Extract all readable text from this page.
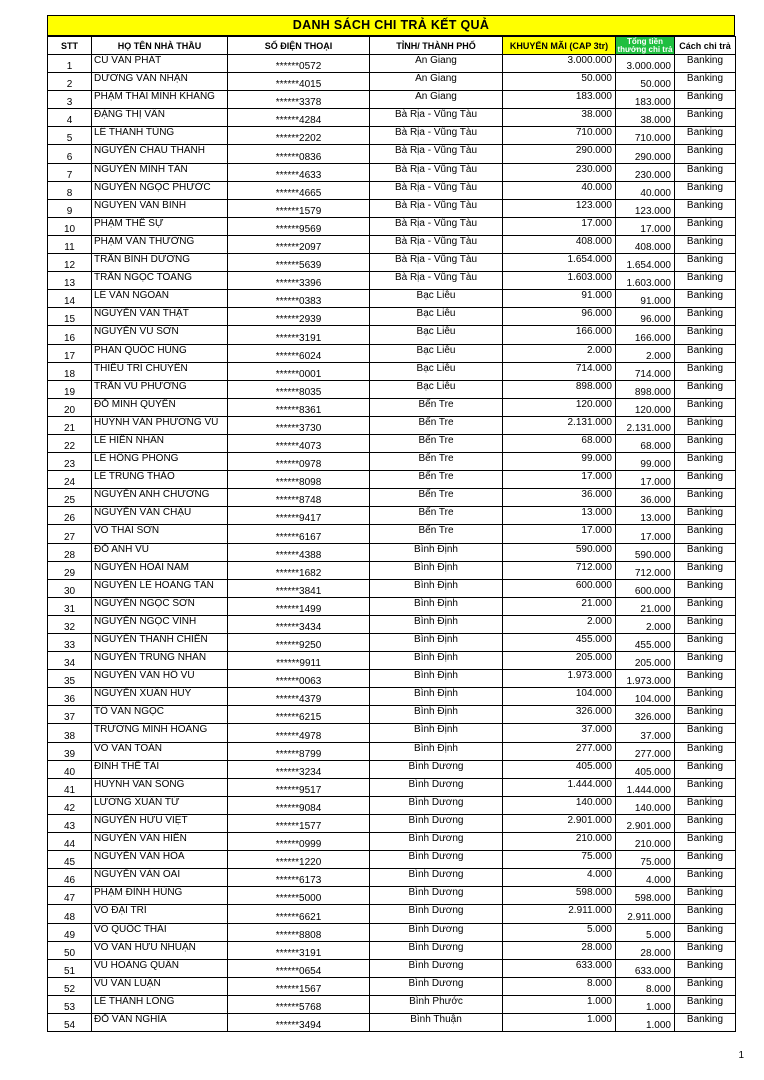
DANH SÁCH CHI TRẢ KẾT QUẢ
STT	HỌ TÊN NHÀ THẦU	SỐ ĐIỆN THOẠI	TỈNH/ THÀNH PHỐ	KHUYẾN MÃI (CAP 3tr)	Tổng tiền thưởng chi trả	Cách chi trả
1	CÙ VĂN PHÁT	******0572	An Giang	3.000.000	3.000.000	Banking
2	DƯƠNG VĂN NHẬN	******4015	An Giang	50.000	50.000	Banking
3	PHẠM THÁI MINH KHANG	******3378	An Giang	183.000	183.000	Banking
4	ĐẶNG THỊ VÂN	******4284	Bà Rịa - Vũng Tàu	38.000	38.000	Banking
5	LÊ THANH TÙNG	******2202	Bà Rịa - Vũng Tàu	710.000	710.000	Banking
6	NGUYỄN CHÂU THÀNH	******0836	Bà Rịa - Vũng Tàu	290.000	290.000	Banking
7	NGUYỄN MINH TÂN	******4633	Bà Rịa - Vũng Tàu	230.000	230.000	Banking
8	NGUYỄN NGỌC PHƯỚC	******4665	Bà Rịa - Vũng Tàu	40.000	40.000	Banking
9	NGUYEN VAN BINH	******1579	Bà Rịa - Vũng Tàu	123.000	123.000	Banking
10	PHẠM THẾ SỰ	******9569	Bà Rịa - Vũng Tàu	17.000	17.000	Banking
11	PHẠM VĂN THƯỜNG	******2097	Bà Rịa - Vũng Tàu	408.000	408.000	Banking
12	TRẦN BÌNH DƯƠNG	******5639	Bà Rịa - Vũng Tàu	1.654.000	1.654.000	Banking
13	TRẦN NGỌC TOÀNG	******3396	Bà Rịa - Vũng Tàu	1.603.000	1.603.000	Banking
14	LÊ VĂN NGOAN	******0383	Bạc Liêu	91.000	91.000	Banking
15	NGUYỄN VĂN THẬT	******2939	Bạc Liêu	96.000	96.000	Banking
16	NGUYỄN VŨ SƠN	******3191	Bạc Liêu	166.000	166.000	Banking
17	PHAN QUỐC HÙNG	******6024	Bạc Liêu	2.000	2.000	Banking
18	THIỀU TRÍ CHUYỂN	******0001	Bạc Liêu	714.000	714.000	Banking
19	TRẦN VŨ PHƯƠNG	******8035	Bạc Liêu	898.000	898.000	Banking
20	ĐỖ MINH QUYỀN	******8361	Bến Tre	120.000	120.000	Banking
21	HUỲNH VĂN PHƯƠNG VŨ	******3730	Bến Tre	2.131.000	2.131.000	Banking
22	LÊ HIỀN NHÂN	******4073	Bến Tre	68.000	68.000	Banking
23	LÊ HỒNG PHONG	******0978	Bến Tre	99.000	99.000	Banking
24	LÊ TRUNG THẢO	******8098	Bến Tre	17.000	17.000	Banking
25	NGUYỄN ANH CHƯƠNG	******8748	Bến Tre	36.000	36.000	Banking
26	NGUYỄN VĂN CHẬU	******9417	Bến Tre	13.000	13.000	Banking
27	VÕ THÁI SƠN	******6167	Bến Tre	17.000	17.000	Banking
28	ĐỖ ANH VŨ	******4388	Bình Định	590.000	590.000	Banking
29	NGUYỄN HOÀI NAM	******1682	Bình Định	712.000	712.000	Banking
30	NGUYỄN LÊ HOÀNG TÂN	******3841	Bình Định	600.000	600.000	Banking
31	NGUYỄN NGỌC SƠN	******1499	Bình Định	21.000	21.000	Banking
32	NGUYỄN NGỌC VINH	******3434	Bình Định	2.000	2.000	Banking
33	NGUYỄN THANH CHIẾN	******9250	Bình Định	455.000	455.000	Banking
34	NGUYỄN TRUNG NHÂN	******9911	Bình Định	205.000	205.000	Banking
35	NGUYỄN VĂN HỒ VŨ	******0063	Bình Định	1.973.000	1.973.000	Banking
36	NGUYỄN XUÂN HUY	******4379	Bình Định	104.000	104.000	Banking
37	TÔ VĂN NGỌC	******6215	Bình Định	326.000	326.000	Banking
38	TRƯƠNG MINH HOÀNG	******4978	Bình Định	37.000	37.000	Banking
39	VÕ VĂN TOẢN	******8799	Bình Định	277.000	277.000	Banking
40	ĐINH THẾ TÀI	******3234	Bình Dương	405.000	405.000	Banking
41	HUYNH VAN SONG	******9517	Bình Dương	1.444.000	1.444.000	Banking
42	LƯƠNG XUÂN TỨ	******9084	Bình Dương	140.000	140.000	Banking
43	NGUYỄN HỮU VIỆT	******1577	Bình Dương	2.901.000	2.901.000	Banking
44	NGUYỄN VĂN HIỀN	******0999	Bình Dương	210.000	210.000	Banking
45	NGUYỄN VĂN HÒA	******1220	Bình Dương	75.000	75.000	Banking
46	NGUYỄN VĂN OAI	******6173	Bình Dương	4.000	4.000	Banking
47	PHẠM ĐÌNH HÙNG	******5000	Bình Dương	598.000	598.000	Banking
48	VÕ ĐẠI TRÍ	******6621	Bình Dương	2.911.000	2.911.000	Banking
49	VÕ QUỐC THÁI	******8808	Bình Dương	5.000	5.000	Banking
50	VÕ VĂN HỮU NHUẬN	******3191	Bình Dương	28.000	28.000	Banking
51	VŨ HOÀNG QUÂN	******0654	Bình Dương	633.000	633.000	Banking
52	VŨ VĂN LUẬN	******1567	Bình Dương	8.000	8.000	Banking
53	LÊ THÀNH LONG	******5768	Bình Phước	1.000	1.000	Banking
54	ĐỖ VĂN NGHĨA	******3494	Bình Thuận	1.000	1.000	Banking
1
